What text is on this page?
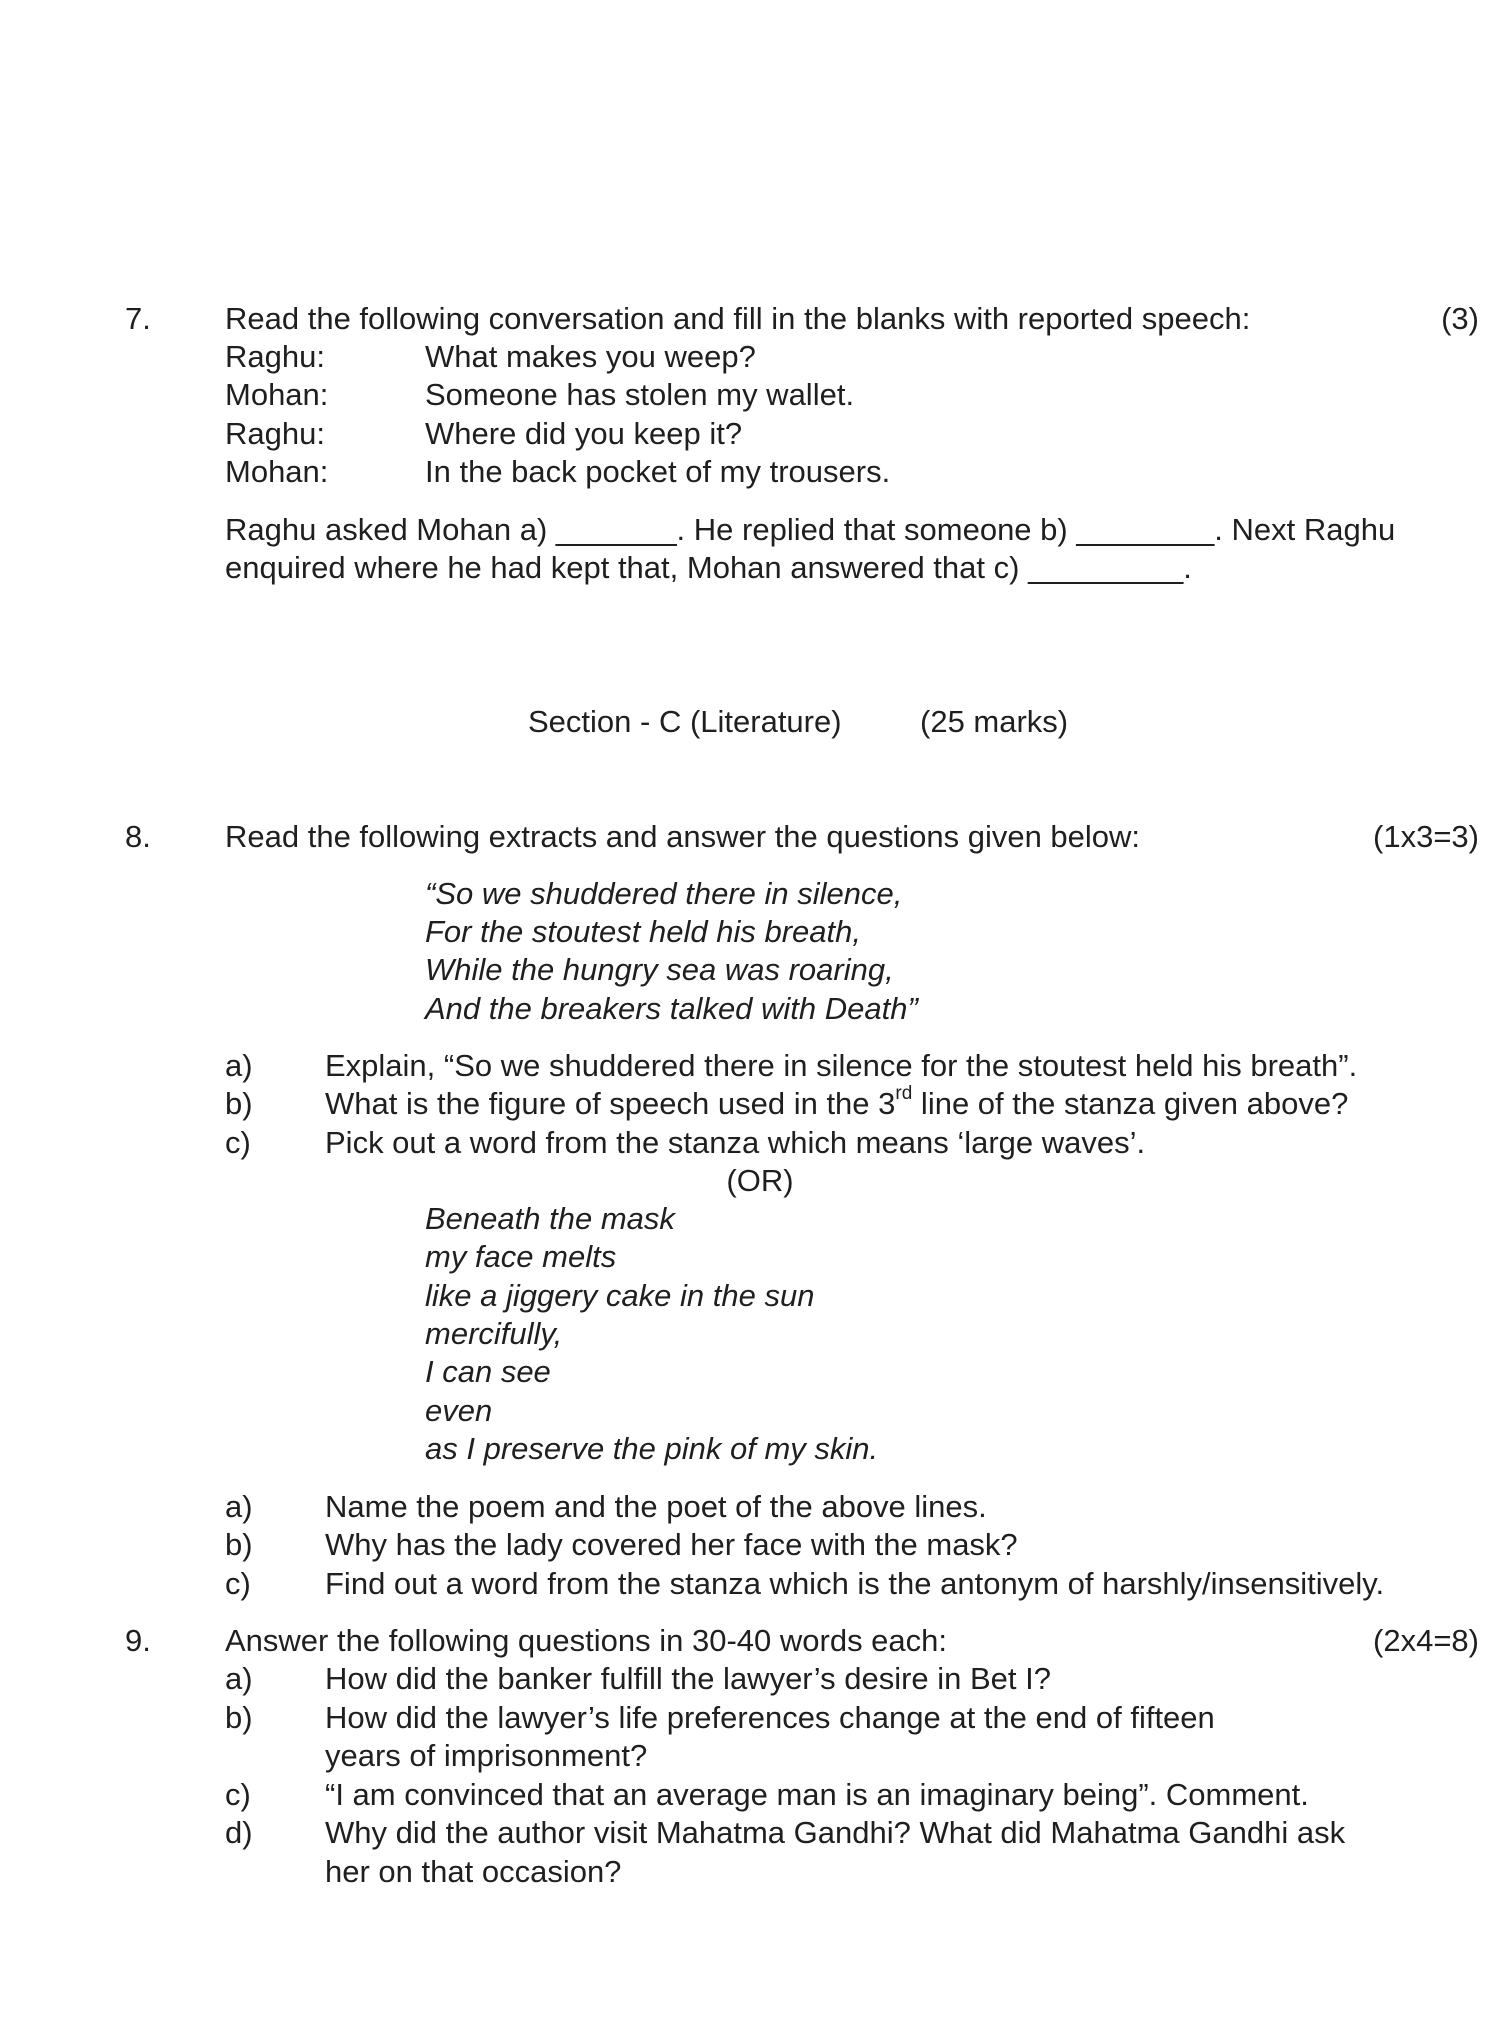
7. Read the following conversation and fill in the blanks with reported speech:	(3)
Raghu:	What makes you weep?
Mohan:	Someone has stolen my wallet.
Raghu:	Where did you keep it?
Mohan:	In the back pocket of my trousers.
Raghu asked Mohan a) _______. He replied that someone b) ________. Next Raghu
enquired where he had kept that, Mohan answered that c) _________.
Section - C (Literature)	(25 marks)
8. Read the following extracts and answer the questions given below:	(1x3=3)
“So we shuddered there in silence,
For the stoutest held his breath,
While the hungry sea was roaring,
And the breakers talked with Death”
a) Explain, “So we shuddered there in silence for the stoutest held his breath”.
b) What is the figure of speech used in the 3rd line of the stanza given above?
c) Pick out a word from the stanza which means ‘large waves’.
(OR)
Beneath the mask
my face melts
like a jiggery cake in the sun
mercifully,
I can see
even
as I preserve the pink of my skin.
a) Name the poem and the poet of the above lines.
b) Why has the lady covered her face with the mask?
c) Find out a word from the stanza which is the antonym of harshly/insensitively.
9. Answer the following questions in 30-40 words each:	(2x4=8)
a) How did the banker fulfill the lawyer’s desire in Bet I?
b) How did the lawyer’s life preferences change at the end of fifteen
years of imprisonment?
c) “I am convinced that an average man is an imaginary being”. Comment.
d) Why did the author visit Mahatma Gandhi? What did Mahatma Gandhi ask
her on that occasion?
